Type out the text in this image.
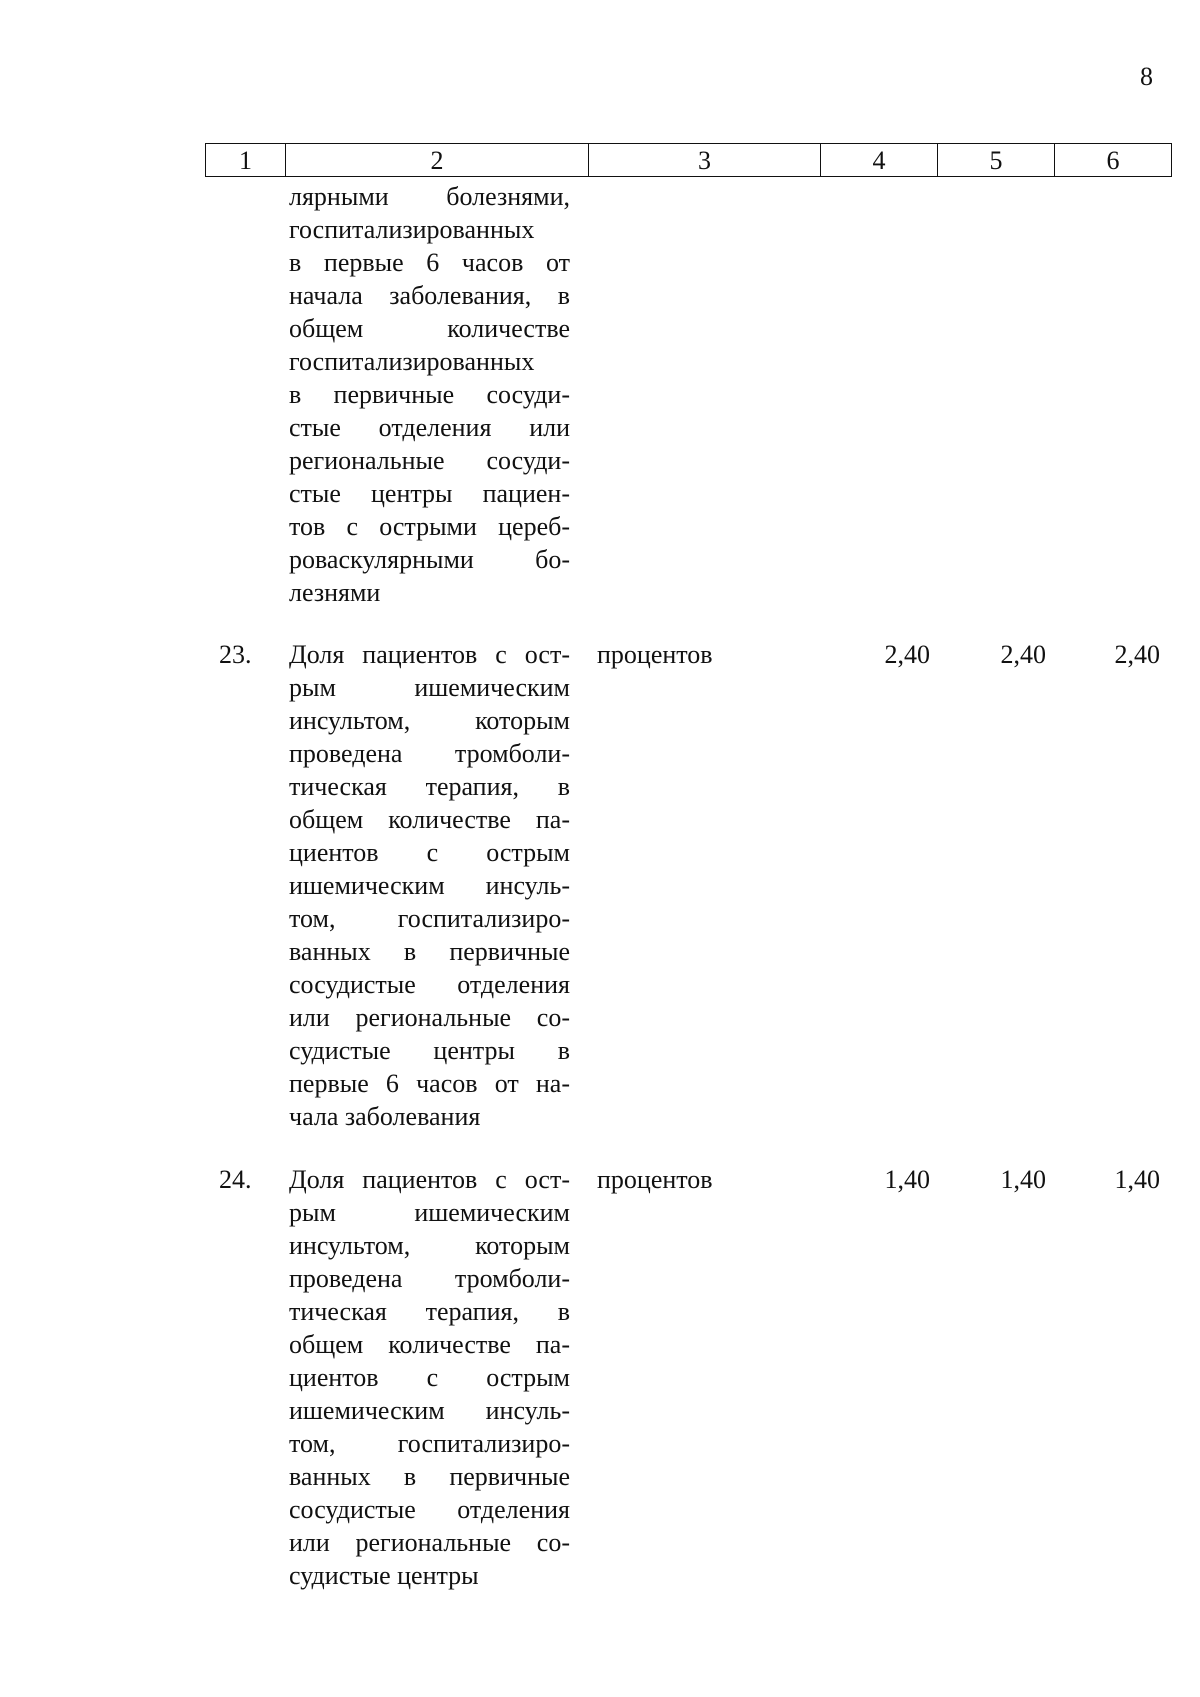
8
1	2	3	4	5	6
лярными болезнями,
госпитализированных
в первые 6 часов от
начала заболевания, в
общем количестве
госпитализированных
в первичные сосуди-
стые отделения или
региональные сосуди-
стые центры пациен-
тов с острыми цереб-
роваскулярными бо-
лезнями
23. Доля пациентов с ост-
рым ишемическим
инсультом, которым
проведена тромболи-
тическая терапия, в
общем количестве па-
циентов с острым
ишемическим инсуль-
том, госпитализиро-
ванных в первичные
сосудистые отделения
или региональные со-
судистые центры в
первые 6 часов от на-
чала заболевания
процентов	2,40	2,40	2,40
24. Доля пациентов с ост-
рым ишемическим
инсультом, которым
проведена тромболи-
тическая терапия, в
общем количестве па-
циентов с острым
ишемическим инсуль-
том, госпитализиро-
ванных в первичные
сосудистые отделения
или региональные со-
судистые центры
процентов	1,40	1,40	1,40
